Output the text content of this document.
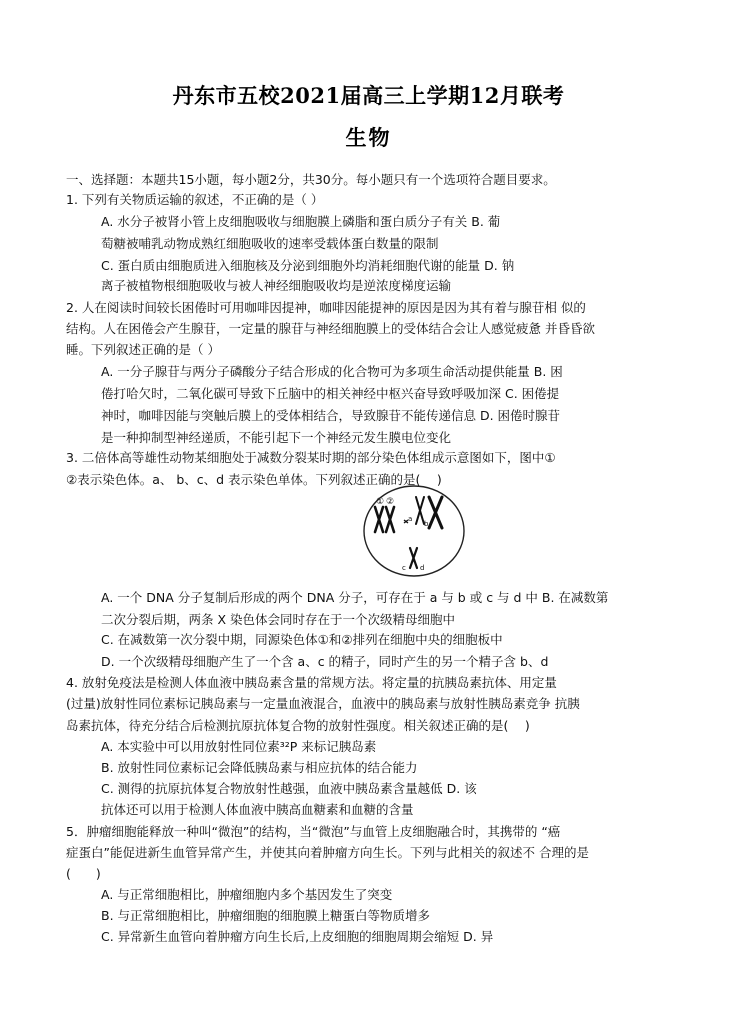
丹东市五校2021届高三上学期12月联考
生物
一、选择题：本题共15小题，每小题2分，共30分。每小题只有一个选项符合题目要求。
1. 下列有关物质运输的叙述，不正确的是（ ）
A. 水分子被肾小管上皮细胞吸收与细胞膜上磷脂和蛋白质分子有关 B. 葡
萄糖被哺乳动物成熟红细胞吸收的速率受载体蛋白数量的限制
C. 蛋白质由细胞质进入细胞核及分泌到细胞外均消耗细胞代谢的能量 D. 钠
离子被植物根细胞吸收与被人神经细胞吸收均是逆浓度梯度运输
2. 人在阅读时间较长困倦时可用咖啡因提神，咖啡因能提神的原因是因为其有着与腺苷相 似的
结构。人在困倦会产生腺苷，一定量的腺苷与神经细胞膜上的受体结合会让人感觉疲惫 并昏昏欲
睡。下列叙述正确的是（ ）
A. 一分子腺苷与两分子磷酸分子结合形成的化合物可为多项生命活动提供能量 B. 困
倦打哈欠时，二氧化碳可导致下丘脑中的相关神经中枢兴奋导致呼吸加深 C. 困倦提
神时，咖啡因能与突触后膜上的受体相结合，导致腺苷不能传递信息 D. 困倦时腺苷
是一种抑制型神经递质，不能引起下一个神经元发生膜电位变化
3. 二倍体高等雄性动物某细胞处于减数分裂某时期的部分染色体组成示意图如下，图中①
②表示染色体。a、 b、c、d 表示染色单体。下列叙述正确的是(　 )
① ②
a
b
c d
A. 一个 DNA 分子复制后形成的两个 DNA 分子，可存在于 a 与 b 或 c 与 d 中 B. 在减数第
二次分裂后期，两条 X 染色体会同时存在于一个次级精母细胞中
C. 在减数第一次分裂中期，同源染色体①和②排列在细胞中央的细胞板中
D. 一个次级精母细胞产生了一个含 a、c 的精子，同时产生的另一个精子含 b、d
4. 放射免疫法是检测人体血液中胰岛素含量的常规方法。将定量的抗胰岛素抗体、用定量
(过量)放射性同位素标记胰岛素与一定量血液混合，血液中的胰岛素与放射性胰岛素竞争 抗胰
岛素抗体，待充分结合后检测抗原抗体复合物的放射性强度。相关叙述正确的是(　 )
A. 本实验中可以用放射性同位素³²P 来标记胰岛素
B. 放射性同位素标记会降低胰岛素与相应抗体的结合能力
C. 测得的抗原抗体复合物放射性越强，血液中胰岛素含量越低 D. 该
抗体还可以用于检测人体血液中胰高血糖素和血糖的含量
5．肿瘤细胞能释放一种叫“微泡”的结构，当“微泡”与血管上皮细胞融合时，其携带的 “癌
症蛋白”能促进新生血管异常产生，并使其向着肿瘤方向生长。下列与此相关的叙述不 合理的是
(　　)
A. 与正常细胞相比，肿瘤细胞内多个基因发生了突变
B. 与正常细胞相比，肿瘤细胞的细胞膜上糖蛋白等物质增多
C. 异常新生血管向着肿瘤方向生长后,上皮细胞的细胞周期会缩短 D. 异
